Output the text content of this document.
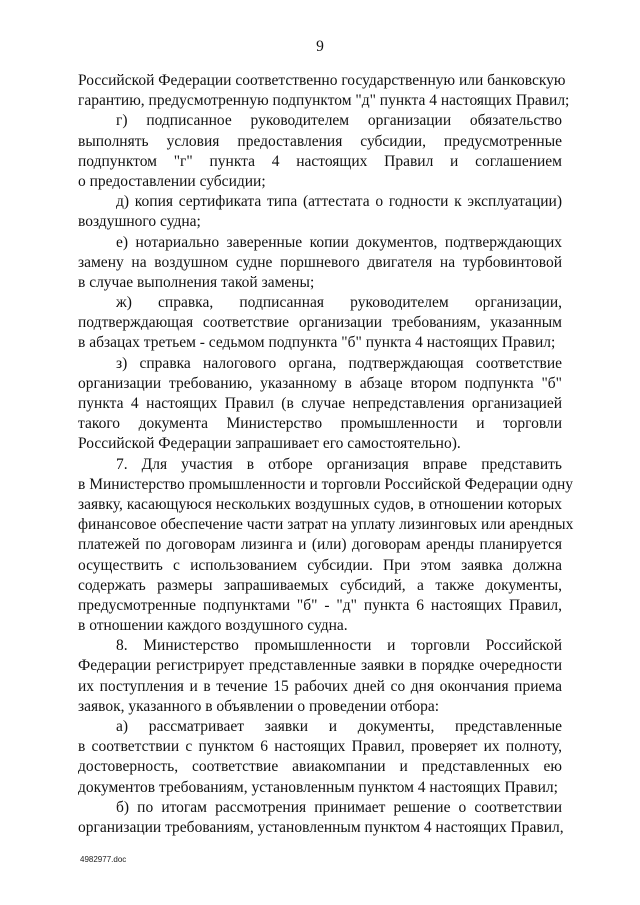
9
Российской Федерации соответственно государственную или банковскую
гарантию, предусмотренную подпунктом "д" пункта 4 настоящих Правил;
г) подписанное руководителем организации обязательство
выполнять условия предоставления субсидии, предусмотренные
подпунктом "г" пункта 4 настоящих Правил и соглашением
о предоставлении субсидии;
д) копия сертификата типа (аттестата о годности к эксплуатации)
воздушного судна;
е) нотариально заверенные копии документов, подтверждающих
замену на воздушном судне поршневого двигателя на турбовинтовой
в случае выполнения такой замены;
ж) справка, подписанная руководителем организации,
подтверждающая соответствие организации требованиям, указанным
в абзацах третьем - седьмом подпункта "б" пункта 4 настоящих Правил;
з) справка налогового органа, подтверждающая соответствие
организации требованию, указанному в абзаце втором подпункта "б"
пункта 4 настоящих Правил (в случае непредставления организацией
такого документа Министерство промышленности и торговли
Российской Федерации запрашивает его самостоятельно).
7. Для участия в отборе организация вправе представить
в Министерство промышленности и торговли Российской Федерации одну
заявку, касающуюся нескольких воздушных судов, в отношении которых
финансовое обеспечение части затрат на уплату лизинговых или арендных
платежей по договорам лизинга и (или) договорам аренды планируется
осуществить с использованием субсидии. При этом заявка должна
содержать размеры запрашиваемых субсидий, а также документы,
предусмотренные подпунктами "б" - "д" пункта 6 настоящих Правил,
в отношении каждого воздушного судна.
8. Министерство промышленности и торговли Российской
Федерации регистрирует представленные заявки в порядке очередности
их поступления и в течение 15 рабочих дней со дня окончания приема
заявок, указанного в объявлении о проведении отбора:
а) рассматривает заявки и документы, представленные
в соответствии с пунктом 6 настоящих Правил, проверяет их полноту,
достоверность, соответствие авиакомпании и представленных ею
документов требованиям, установленным пунктом 4 настоящих Правил;
б) по итогам рассмотрения принимает решение о соответствии
организации требованиям, установленным пунктом 4 настоящих Правил,
4982977.doc
